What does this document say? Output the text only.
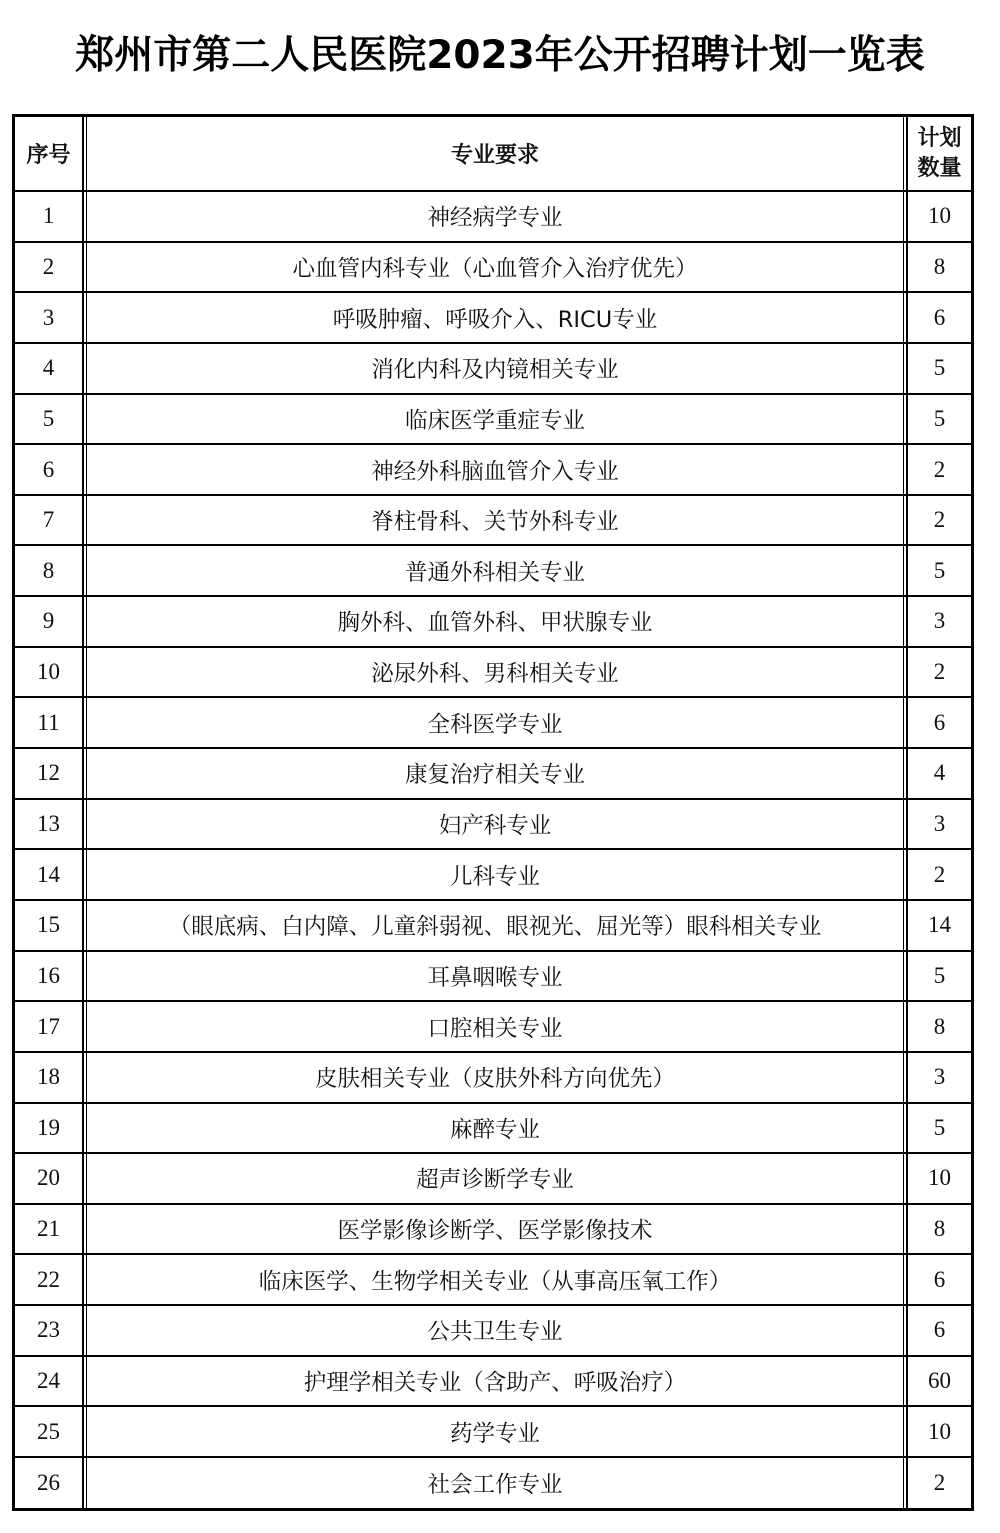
郑州市第二人民医院2023年公开招聘计划一览表
序号	专业要求	计划
数量
1	神经病学专业	10
2	心血管内科专业（心血管介入治疗优先）	8
3	呼吸肿瘤、呼吸介入、RICU专业	6
4	消化内科及内镜相关专业	5
5	临床医学重症专业	5
6	神经外科脑血管介入专业	2
7	脊柱骨科、关节外科专业	2
8	普通外科相关专业	5
9	胸外科、血管外科、甲状腺专业	3
10	泌尿外科、男科相关专业	2
11	全科医学专业	6
12	康复治疗相关专业	4
13	妇产科专业	3
14	儿科专业	2
15	（眼底病、白内障、儿童斜弱视、眼视光、屈光等）眼科相关专业	14
16	耳鼻咽喉专业	5
17	口腔相关专业	8
18	皮肤相关专业（皮肤外科方向优先）	3
19	麻醉专业	5
20	超声诊断学专业	10
21	医学影像诊断学、医学影像技术	8
22	临床医学、生物学相关专业（从事高压氧工作）	6
23	公共卫生专业	6
24	护理学相关专业（含助产、呼吸治疗）	60
25	药学专业	10
26	社会工作专业	2
